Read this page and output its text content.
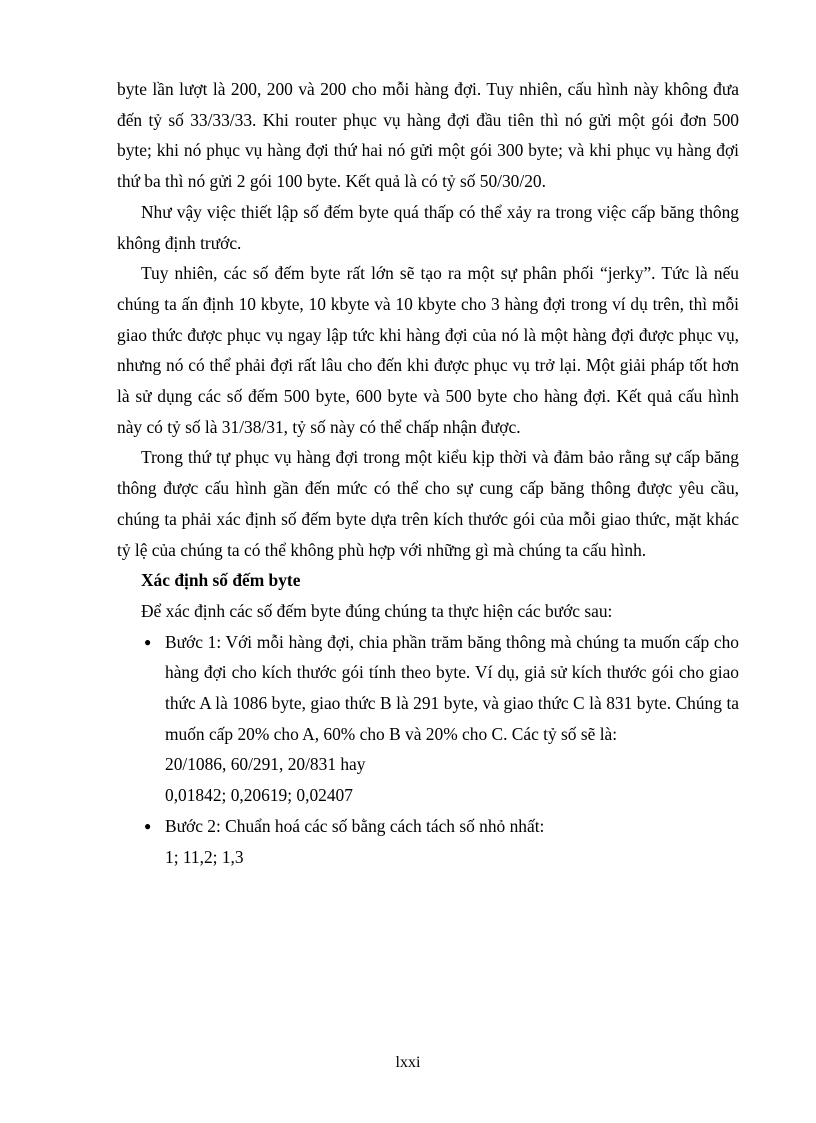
byte lần lượt là 200, 200 và 200 cho mỗi hàng đợi. Tuy nhiên, cấu hình này không đưa đến tỷ số 33/33/33. Khi router phục vụ hàng đợi đầu tiên thì nó gửi một gói đơn 500 byte; khi nó phục vụ hàng đợi thứ hai nó gửi một gói 300 byte; và khi phục vụ hàng đợi thứ ba thì nó gửi 2 gói 100 byte. Kết quả là có tỷ số 50/30/20.

Như vậy việc thiết lập số đếm byte quá thấp có thể xảy ra trong việc cấp băng thông không định trước.

Tuy nhiên, các số đếm byte rất lớn sẽ tạo ra một sự phân phối “jerky”. Tức là nếu chúng ta ấn định 10 kbyte, 10 kbyte và 10 kbyte cho 3 hàng đợi trong ví dụ trên, thì mỗi giao thức được phục vụ ngay lập tức khi hàng đợi của nó là một hàng đợi được phục vụ, nhưng nó có thể phải đợi rất lâu cho đến khi được phục vụ trở lại. Một giải pháp tốt hơn là sử dụng các số đếm 500 byte, 600 byte và 500 byte cho hàng đợi. Kết quả cấu hình này có tỷ số là 31/38/31, tỷ số này có thể chấp nhận được.

Trong thứ tự phục vụ hàng đợi trong một kiểu kịp thời và đảm bảo rằng sự cấp băng thông được cấu hình gần đến mức có thể cho sự cung cấp băng thông được yêu cầu, chúng ta phải xác định số đếm byte dựa trên kích thước gói của mỗi giao thức, mặt khác tỷ lệ của chúng ta có thể không phù hợp với những gì mà chúng ta cấu hình.

Xác định số đếm byte

Để xác định các số đếm byte đúng chúng ta thực hiện các bước sau:

● Bước 1: Với mỗi hàng đợi, chia phần trăm băng thông mà chúng ta muốn cấp cho hàng đợi cho kích thước gói tính theo byte. Ví dụ, giả sử kích thước gói cho giao thức A là 1086 byte, giao thức B là 291 byte, và giao thức C là 831 byte. Chúng ta muốn cấp 20% cho A, 60% cho B và 20% cho C. Các tỷ số sẽ là:

20/1086, 60/291, 20/831 hay

0,01842; 0,20619; 0,02407

● Bước 2: Chuẩn hoá các số bằng cách tách số nhỏ nhất:

1; 11,2; 1,3

lxxi
